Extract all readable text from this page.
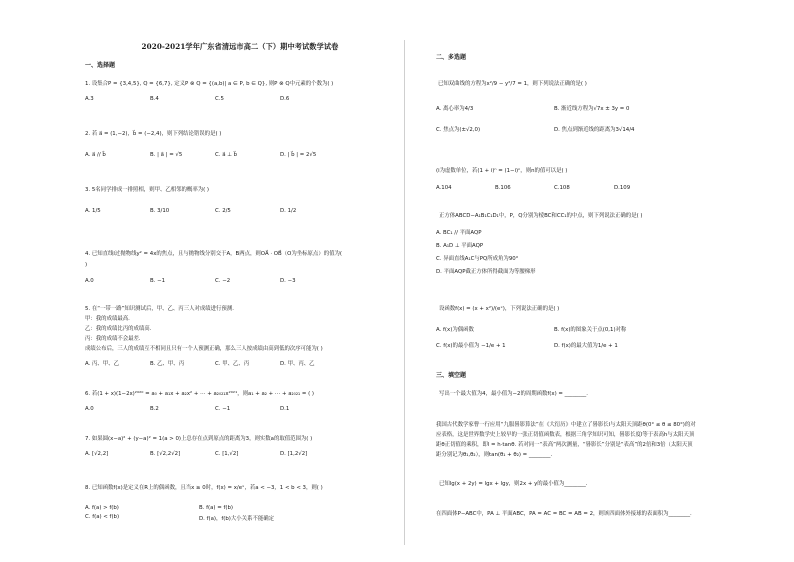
2020-2021学年广东省清远市高二（下）期中考试数学试卷
一、选择题
1. 设集合P = {3,4,5}, Q = {6,7}, 定义P ⊗ Q = {(a,b)| a ∈ P, b ∈ Q}, 则P ⊗ Q中元素的个数为( )
A.3	B.4	C.5	D.6
2. 若 a⃗ = (1,−2)，b⃗ = (−2,4)，则下列结论错误的是( )
A. a⃗ // b⃗	B. | a⃗ | = √5	C. a⃗ ⊥ b⃗	D. | b⃗ | = 2√5
3. 5名同学排成一排照相，则甲、乙相邻的概率为( )
A. 1/5	B. 3/10	C. 2/5	D. 1/2
4. 已知直线l过抛物线y² = 4x的焦点，且与抛物线分别交于A，B两点，则OA⃗ · OB⃗（O为坐标原点）的值为(
)
A.0	B. −1	C. −2	D. −3
5. 在“一带一路”知识测试后，甲、乙、丙三人对成绩进行预测.
甲：我的成绩最高.
乙：我的成绩比丙的成绩高.
丙：我的成绩不会最差.
成绩公布后，三人的成绩互不相同且只有一个人预测正确，那么三人按成绩由高到低的次序可能为( )
A. 丙、甲、乙	B. 乙、甲、丙	C. 甲、乙、丙	D. 甲、丙、乙
6. 若(1 + x)(1−2x)²⁰²⁰ = a₀ + a₁x + a₂x² + ⋯ + a₂₀₂₁x²⁰²¹，则a₁ + a₂ + ⋯ + a₂₀₂₁ = ( )
A.0	B.2	C. −1	D.1
7. 如果圆(x−a)² + (y−a)² = 1(a > 0)上总存在点到原点的距离为3，则实数a的取值范围为( )
A. [√2,2]	B. [√2,2√2]	C. [1,√2]	D. [1,2√2]
8. 已知函数f(x)是定义在R上的偶函数，且当x ≥ 0时，f(x) = x/eˣ，若a < −3，1 < b < 3，则( )
A. f(a) > f(b)	B. f(a) = f(b)
C. f(a) < f(b)	D. f(a)，f(b)大小关系不能确定
二、多选题
已知双曲线的方程为x²/9 − y²/7 = 1，则下列说法正确的是( )
A. 离心率为4/3	B. 渐近线方程为√7x ± 3y = 0
C. 焦点为(±√2,0)	D. 焦点到渐近线的距离为3√14/4
(i为虚数单位，若(1 + i)ⁿ = (1−i)ⁿ，则n的值可以是( )
A.104	B.106	C.108	D.109
正方体ABCD−A₁B₁C₁D₁中，P，Q分别为棱BC和CC₁的中点，则下列说法正确的是( )
A. BC₁ // 平面AQP
B. A₁D ⊥ 平面AQP
C. 异面直线A₁C与PQ所成角为90°
D. 平面AQP截正方体所得截面为等腰梯形
设函数f(x) = (x + x²)/(eˣ)，下列说法正确的是( )
A. f(x)为偶函数	B. f(x)的图象关于点(0,1)对称
C. f(x)的最小值为 −1/e + 1	D. f(x)的最大值为1/e + 1
三、填空题
写出一个最大值为4，最小值为−2的周期函数f(x) = ________.
我国古代数学家曹一行应用“九服晷影算法”在《大衍历》中建立了晷影长l与太阳天顶距θ(0° ≤ θ ≤ 80°)的对
应表格，这是世界数学史上较早的一张正切值函数表，根据三角学知识可知，晷影长度l等于表高h与太阳天顶
距θ正切值的乘积，即l = h·tanθ. 若对同一“表高”两次测量，“晷影长”分别是“表高”的2倍和3倍（太阳天顶
距分别记为θ₁,θ₂），则tan(θ₁ + θ₂) = ________.
已知lg(x + 2y) = lgx + lgy，则2x + y的最小值为________.
在四面体P−ABC中，PA ⊥ 平面ABC，PA = AC = BC = AB = 2，则该四面体外接球的表面积为________.
